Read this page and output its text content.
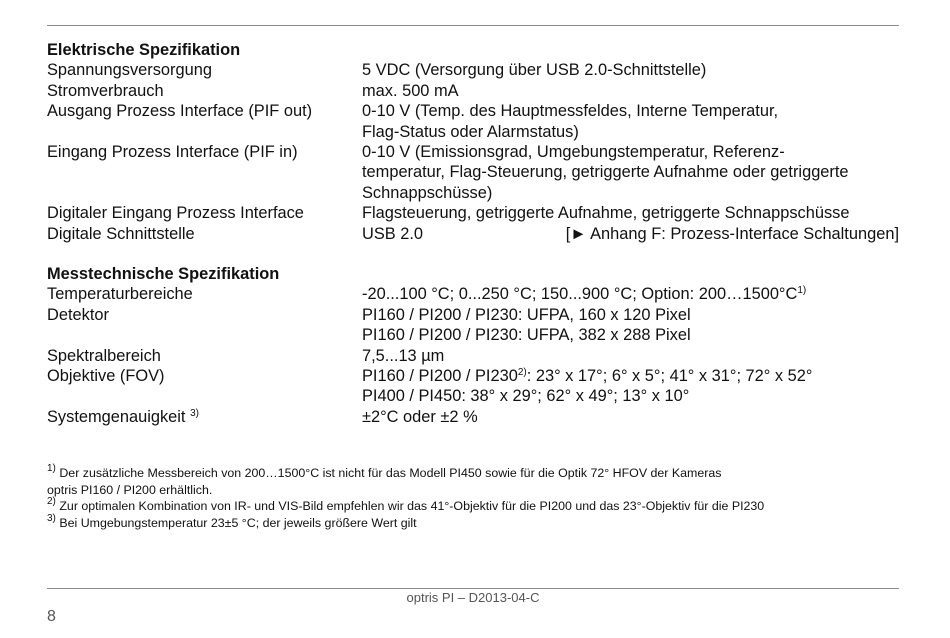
Elektrische Spezifikation
Spannungsversorgung	5 VDC (Versorgung über USB 2.0-Schnittstelle)
Stromverbrauch	max. 500 mA
Ausgang Prozess Interface (PIF out)	0-10 V (Temp. des Hauptmessfeldes, Interne Temperatur,
Flag-Status oder Alarmstatus)
Eingang Prozess Interface (PIF in)	0-10 V (Emissionsgrad, Umgebungstemperatur, Referenz-
temperatur, Flag-Steuerung, getriggerte Aufnahme oder getriggerte
Schnappschüsse)
Digitaler Eingang Prozess Interface	Flagsteuerung, getriggerte Aufnahme, getriggerte Schnappschüsse
Digitale Schnittstelle	USB 2.0	[► Anhang F: Prozess-Interface Schaltungen]
Messtechnische Spezifikation
Temperaturbereiche	-20...100 °C; 0...250 °C; 150...900 °C; Option: $200\dots 1500^\circ C^{1)}$
Detektor	PI160 / PI200 / PI230: UFPA, 160 x 120 Pixel
PI160 / PI200 / PI230: UFPA, 382 x 288 Pixel
Spektralbereich	7,5...13 µm
Objektive (FOV)	PI160 / PI200 / PI230$^{2)}$: 23° x 17°; 6° x 5°; 41° x 31°; 72° x 52°
PI400 / PI450: 38° x 29°; 62° x 49°; 13° x 10°
Systemgenauigkeit $^{3)}$	±2°C oder ±2 %
$^{1)}$ Der zusätzliche Messbereich von 200…1500°C ist nicht für das Modell PI450 sowie für die Optik 72° HFOV der Kameras
optris PI160 / PI200 erhältlich.
$^{2)}$ Zur optimalen Kombination von IR- und VIS-Bild empfehlen wir das 41°-Objektiv für die PI200 und das 23°-Objektiv für die PI230
$^{3)}$ Bei Umgebungstemperatur 23±5 °C; der jeweils größere Wert gilt
optris PI – D2013-04-C
8
